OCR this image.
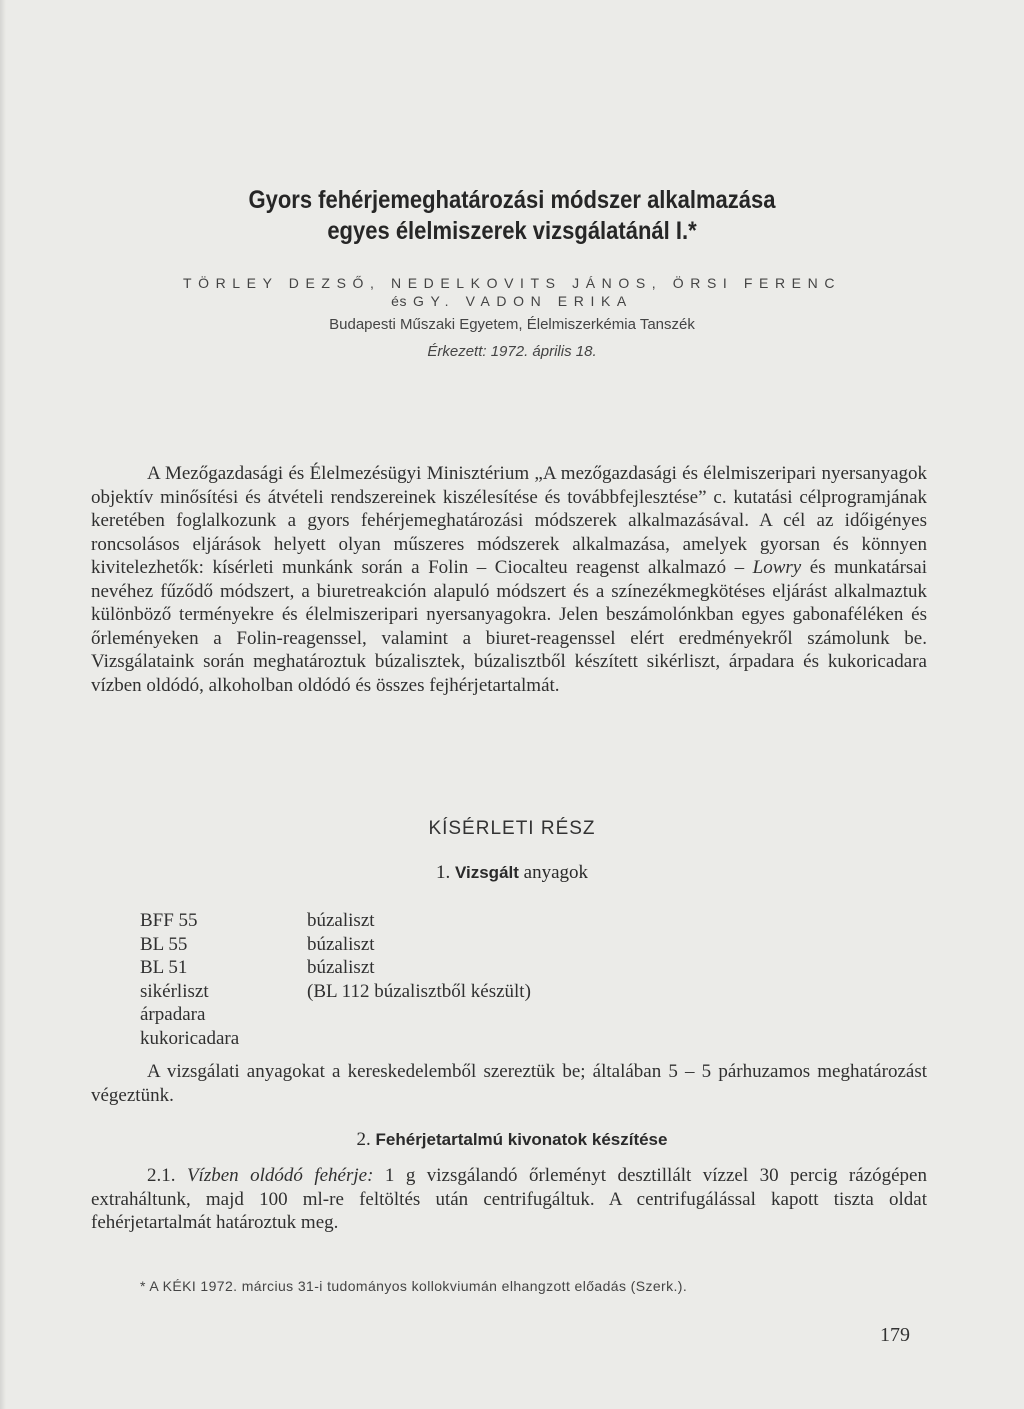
Gyors fehérjemeghatározási módszer alkalmazása
egyes élelmiszerek vizsgálatánál I.*
TÖRLEY DEZSŐ, NEDELKOVITS JÁNOS, ÖRSI FERENC
és GY. VADON ERIKA
Budapesti Műszaki Egyetem, Élelmiszerkémia Tanszék
Érkezett: 1972. április 18.

A Mezőgazdasági és Élelmezésügyi Minisztérium „A mezőgazdasági és élelmiszeripari nyersanyagok objektív minősítési és átvételi rendszereinek kiszélesítése és továbbfejlesztése” c. kutatási célprogramjának keretében foglalkozunk a gyors fehérjemeghatározási módszerek alkalmazásával. A cél az időigényes roncsolásos eljárások helyett olyan műszeres módszerek alkalmazása, amelyek gyorsan és könnyen kivitelezhetők: kísérleti munkánk során a Folin – Ciocalteu reagenst alkalmazó – Lowry és munkatársai nevéhez fűződő módszert, a biuretreakción alapuló módszert és a színezékmegkötéses eljárást alkalmaztuk különböző terményekre és élelmiszeripari nyersanyagokra. Jelen beszámolónkban egyes gabonaféléken és őrleményeken a Folin-reagenssel, valamint a biuret-reagenssel elért eredményekről számolunk be. Vizsgálataink során meghatároztuk búzalisztek, búzalisztből készített sikérliszt, árpadara és kukoricadara vízben oldódó, alkoholban oldódó és összes fejhérjetartalmát.

KÍSÉRLETI RÉSZ
1. Vizsgált anyagok
BFF 55	búzaliszt
BL 55	búzaliszt
BL 51	búzaliszt
sikérliszt	(BL 112 búzalisztből készült)
árpadara
kukoricadara

A vizsgálati anyagokat a kereskedelemből szereztük be; általában 5 – 5 párhuzamos meghatározást végeztünk.

2. Fehérjetartalmú kivonatok készítése

2.1. Vízben oldódó fehérje: 1 g vizsgálandó őrleményt desztillált vízzel 30 percig rázógépen extraháltunk, majd 100 ml-re feltöltés után centrifugáltuk. A centrifugálással kapott tiszta oldat fehérjetartalmát határoztuk meg.

* A KÉKI 1972. március 31-i tudományos kollokviumán elhangzott előadás (Szerk.).
179
